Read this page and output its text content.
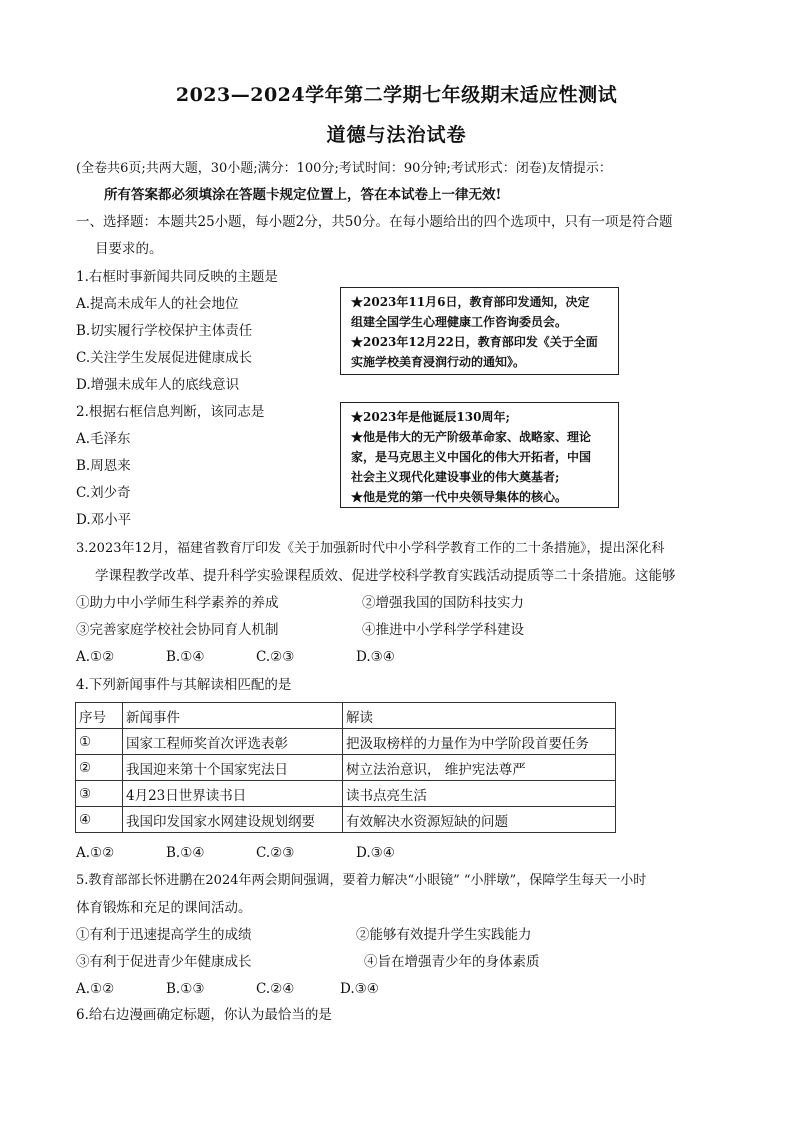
2023—2024学年第二学期七年级期末适应性测试
道德与法治试卷
(全卷共6页;共两大题，30小题;满分：100分;考试时间：90分钟;考试形式：闭卷)友情提示：
所有答案都必须填涂在答题卡规定位置上，答在本试卷上一律无效!
一、选择题：本题共25小题，每小题2分，共50分。在每小题给出的四个选项中，只有一项是符合题
目要求的。
1.右框时事新闻共同反映的主题是
A.提高未成年人的社会地位
B.切实履行学校保护主体责任
C.关注学生发展促进健康成长
D.增强未成年人的底线意识
★2023年11月6日，教育部印发通知，决定
组建全国学生心理健康工作咨询委员会。
★2023年12月22日，教育部印发《关于全面
实施学校美育浸润行动的通知》。
2.根据右框信息判断，该同志是
A.毛泽东
B.周恩来
C.刘少奇
D.邓小平
★2023年是他诞辰130周年;
★他是伟大的无产阶级革命家、战略家、理论
家，是马克思主义中国化的伟大开拓者，中国
社会主义现代化建设事业的伟大奠基者;
★他是党的第一代中央领导集体的核心。
3.2023年12月，福建省教育厅印发《关于加强新时代中小学科学教育工作的二十条措施》，提出深化科
学课程教学改革、提升科学实验课程质效、促进学校科学教育实践活动提质等二十条措施。这能够
①助力中小学师生科学素养的养成	②增强我国的国防科技实力
③完善家庭学校社会协同育人机制	④推进中小学科学学科建设
A.①②	B.①④	C.②③	D.③④
4.下列新闻事件与其解读相匹配的是
序号	新闻事件	解读
①	国家工程师奖首次评选表彰	把汲取榜样的力量作为中学阶段首要任务
②	我国迎来第十个国家宪法日	树立法治意识， 维护宪法尊严
③	4月23日世界读书日	读书点亮生活
④	我国印发国家水网建设规划纲要	有效解决水资源短缺的问题
A.①②	B.①④	C.②③	D.③④
5.教育部部长怀进鹏在2024年两会期间强调，要着力解决“小眼镜” “小胖墩”，保障学生每天一小时
体育锻炼和充足的课间活动。
①有利于迅速提高学生的成绩	②能够有效提升学生实践能力
③有利于促进青少年健康成长	④旨在增强青少年的身体素质
A.①②	B.①③	C.②④	D.③④
6.给右边漫画确定标题，你认为最恰当的是
